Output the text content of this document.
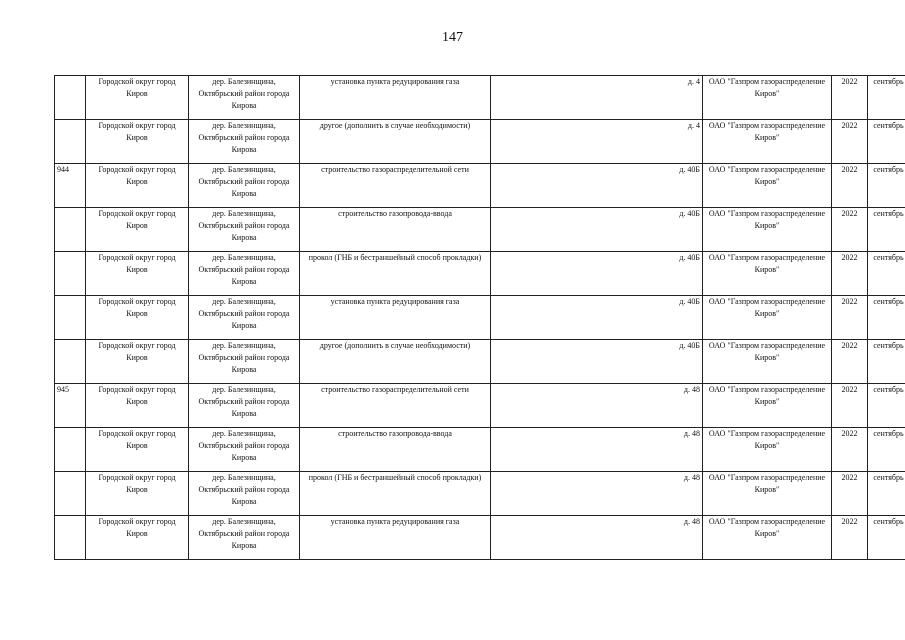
147
	Городской округ город Киров	дер. Балезинщина, Октябрьский район города Кирова	установка пункта редуцирования газа	д. 4	ОАО "Газпром газораспределение Киров"	2022	сентябрь
	Городской округ город Киров	дер. Балезинщина, Октябрьский район города Кирова	другое (дополнить в случае необходимости)	д. 4	ОАО "Газпром газораспределение Киров"	2022	сентябрь
944	Городской округ город Киров	дер. Балезинщина, Октябрьский район города Кирова	строительство газораспределительной сети	д. 40Б	ОАО "Газпром газораспределение Киров"	2022	сентябрь
	Городской округ город Киров	дер. Балезинщина, Октябрьский район города Кирова	строительство газопровода-ввода	д. 40Б	ОАО "Газпром газораспределение Киров"	2022	сентябрь
	Городской округ город Киров	дер. Балезинщина, Октябрьский район города Кирова	прокол (ГНБ и бестраншейный способ прокладки)	д. 40Б	ОАО "Газпром газораспределение Киров"	2022	сентябрь
	Городской округ город Киров	дер. Балезинщина, Октябрьский район города Кирова	установка пункта редуцирования газа	д. 40Б	ОАО "Газпром газораспределение Киров"	2022	сентябрь
	Городской округ город Киров	дер. Балезинщина, Октябрьский район города Кирова	другое (дополнить в случае необходимости)	д. 40Б	ОАО "Газпром газораспределение Киров"	2022	сентябрь
945	Городской округ город Киров	дер. Балезинщина, Октябрьский район города Кирова	строительство газораспределительной сети	д. 48	ОАО "Газпром газораспределение Киров"	2022	сентябрь
	Городской округ город Киров	дер. Балезинщина, Октябрьский район города Кирова	строительство газопровода-ввода	д. 48	ОАО "Газпром газораспределение Киров"	2022	сентябрь
	Городской округ город Киров	дер. Балезинщина, Октябрьский район города Кирова	прокол (ГНБ и бестраншейный способ прокладки)	д. 48	ОАО "Газпром газораспределение Киров"	2022	сентябрь
	Городской округ город Киров	дер. Балезинщина, Октябрьский район города Кирова	установка пункта редуцирования газа	д. 48	ОАО "Газпром газораспределение Киров"	2022	сентябрь
